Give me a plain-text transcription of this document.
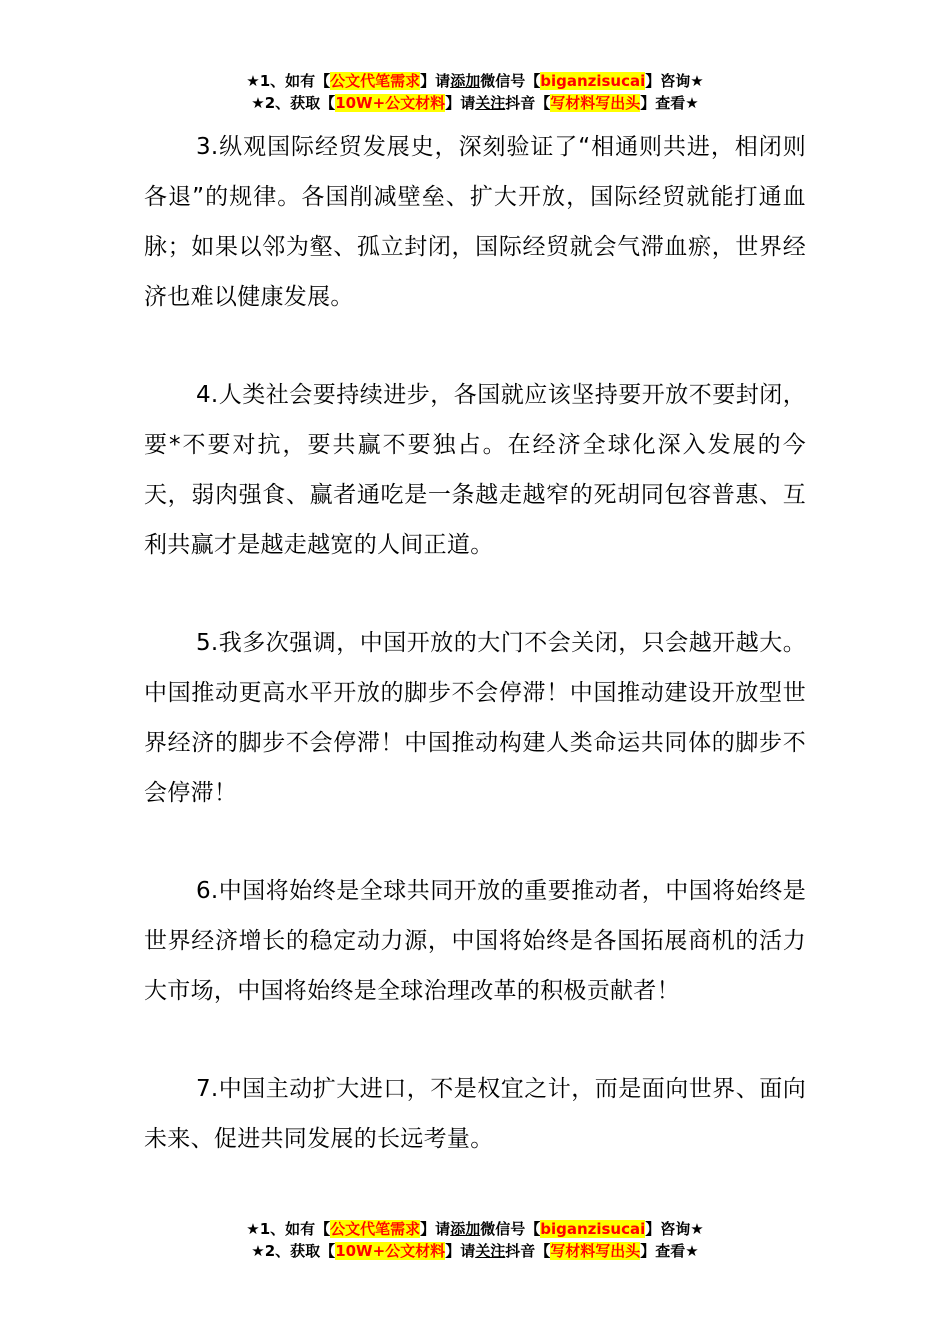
★1、如有【公文代笔需求】请添加微信号【biganzisucai】咨询★
★2、获取【10W+公文材料】请关注抖音【写材料写出头】查看★

3.纵观国际经贸发展史，深刻验证了“相通则共进，相闭则各退”的规律。各国削减壁垒、扩大开放，国际经贸就能打通血脉；如果以邻为壑、孤立封闭，国际经贸就会气滞血瘀，世界经济也难以健康发展。

4.人类社会要持续进步，各国就应该坚持要开放不要封闭，要*不要对抗，要共赢不要独占。在经济全球化深入发展的今天，弱肉强食、赢者通吃是一条越走越窄的死胡同包容普惠、互利共赢才是越走越宽的人间正道。

5.我多次强调，中国开放的大门不会关闭，只会越开越大。中国推动更高水平开放的脚步不会停滞！中国推动建设开放型世界经济的脚步不会停滞！中国推动构建人类命运共同体的脚步不会停滞！

6.中国将始终是全球共同开放的重要推动者，中国将始终是世界经济增长的稳定动力源，中国将始终是各国拓展商机的活力大市场，中国将始终是全球治理改革的积极贡献者！

7.中国主动扩大进口，不是权宜之计，而是面向世界、面向未来、促进共同发展的长远考量。

★1、如有【公文代笔需求】请添加微信号【biganzisucai】咨询★
★2、获取【10W+公文材料】请关注抖音【写材料写出头】查看★
